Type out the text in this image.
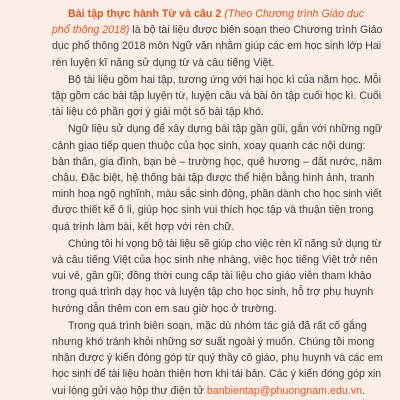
Bài tập thực hành Từ và câu 2 (Theo Chương trình Giáo dục
phổ thông 2018) là bộ tài liệu được biên soạn theo Chương trình Giáo
dục phổ thông 2018 môn Ngữ văn nhằm giúp các em học sinh lớp Hai
rèn luyện kĩ năng sử dụng từ và câu tiếng Việt.
Bộ tài liệu gồm hai tập, tương ứng với hai học kì của năm học. Mỗi
tập gồm các bài tập luyện từ, luyện câu và bài ôn tập cuối học kì. Cuối
tài liệu có phần gợi ý giải một số bài tập khó.
Ngữ liệu sử dụng để xây dựng bài tập gần gũi, gắn với những ngữ
cảnh giao tiếp quen thuộc của học sinh, xoay quanh các nội dung:
bản thân, gia đình, bạn bè – trường học, quê hương – đất nước, năm
châu. Đặc biệt, hệ thống bài tập được thể hiện bằng hình ảnh, tranh
minh hoạ ngộ nghĩnh, màu sắc sinh động, phần dành cho học sinh viết
được thiết kế ô li, giúp học sinh vui thích học tập và thuận tiện trong
quá trình làm bài, kết hợp với rèn chữ.
Chúng tôi hi vọng bộ tài liệu sẽ giúp cho việc rèn kĩ năng sử dụng từ
và câu tiếng Việt của học sinh nhẹ nhàng, việc học tiếng Việt trở nên
vui vẻ, gần gũi; đồng thời cung cấp tài liệu cho giáo viên tham khảo
trong quá trình dạy học và luyện tập cho học sinh, hỗ trợ phụ huynh
hướng dẫn thêm con em sau giờ học ở trường.
Trong quá trình biên soạn, mặc dù nhóm tác giả đã rất cố gắng
nhưng khó tránh khỏi những sơ suất ngoài ý muốn. Chúng tôi mong
nhận được ý kiến đóng góp từ quý thầy cô giáo, phụ huynh và các em
học sinh để tài liệu hoàn thiện hơn khi tái bản. Các ý kiến đóng góp xin
vui lòng gửi vào hộp thư điện tử banbientap@phuongnam.edu.vn.
